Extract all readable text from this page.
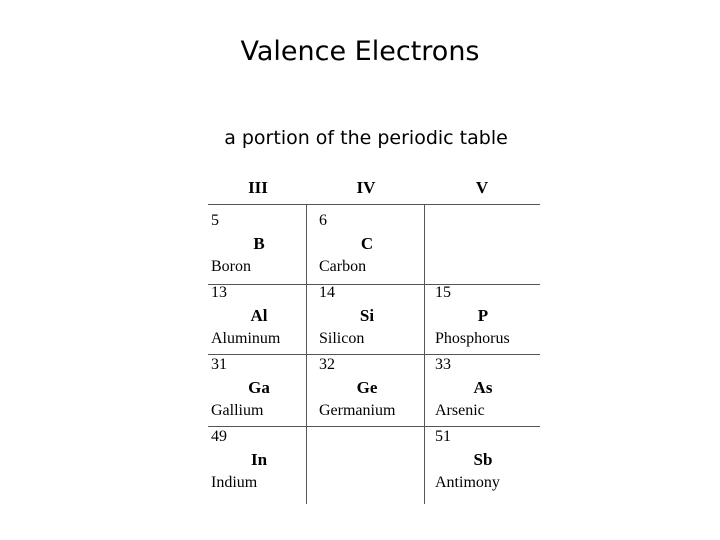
Valence Electrons
a portion of the periodic table
III	IV	V
5
B
Boron
6
C
Carbon
13
Al
Aluminum
14
Si
Silicon
15
P
Phosphorus
31
Ga
Gallium
32
Ge
Germanium
33
As
Arsenic
49
In
Indium
51
Sb
Antimony
